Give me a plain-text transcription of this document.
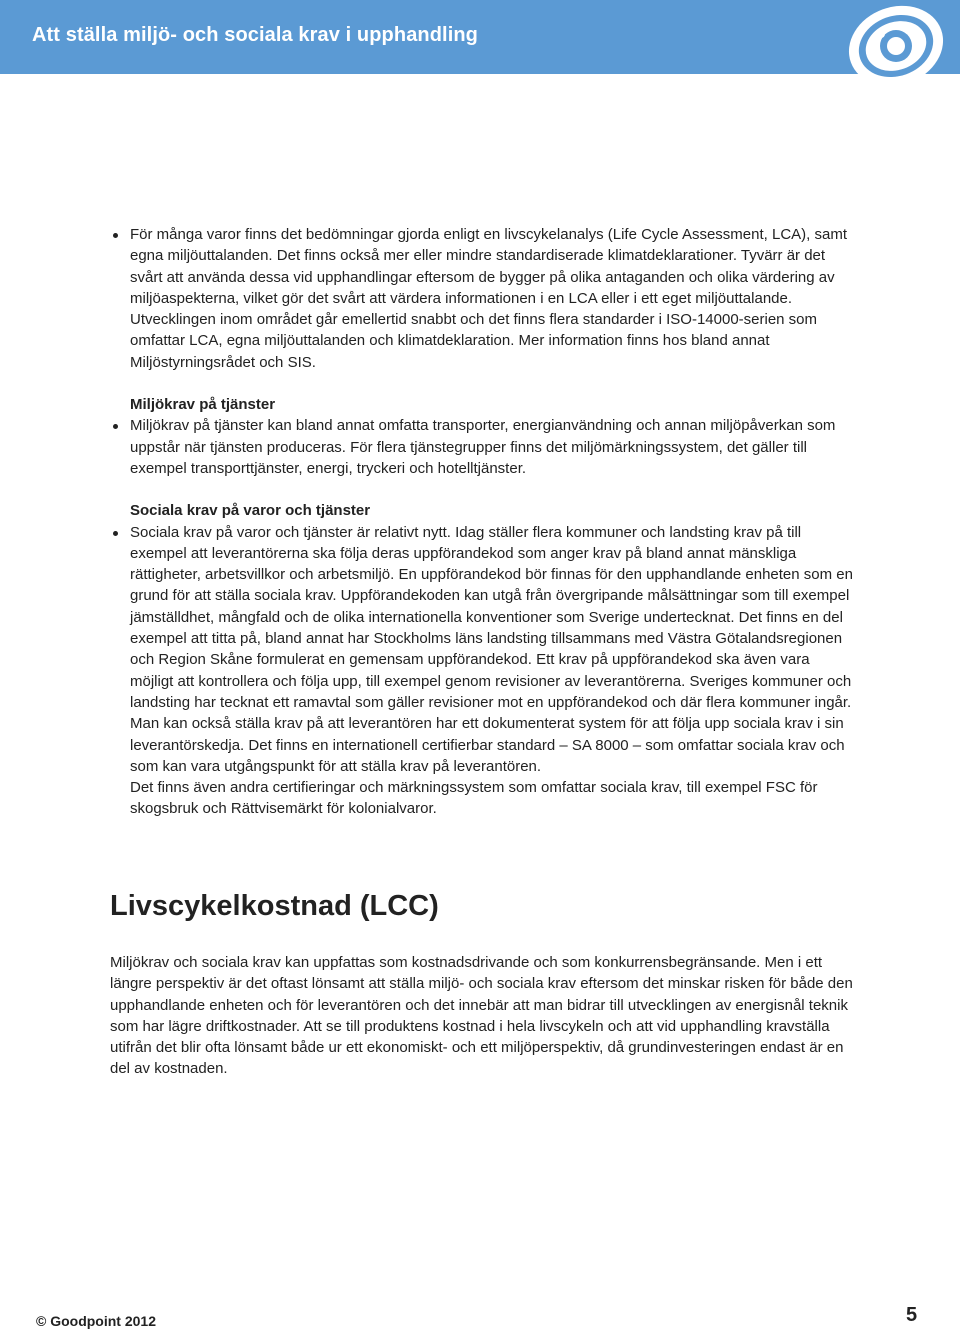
Att ställa miljö- och sociala krav i upphandling

För många varor finns det bedömningar gjorda enligt en livscykelanalys (Life Cycle Assessment, LCA), samt egna miljöuttalanden. Det finns också mer eller mindre standardiserade klimatdeklarationer. Tyvärr är det svårt att använda dessa vid upphandlingar eftersom de bygger på olika antaganden och olika värdering av miljöaspekterna, vilket gör det svårt att värdera informationen i en LCA eller i ett eget miljöuttalande. Utvecklingen inom området går emellertid snabbt och det finns flera standarder i ISO-14000-serien som omfattar LCA, egna miljöuttalanden och klimatdeklaration. Mer information finns hos bland annat Miljöstyrningsrådet och SIS.

Miljökrav på tjänster

Miljökrav på tjänster kan bland annat omfatta transporter, energianvändning och annan miljöpåverkan som uppstår när tjänsten produceras. För flera tjänstegrupper finns det miljömärkningssystem, det gäller till exempel transporttjänster, energi, tryckeri och hotelltjänster.

Sociala krav på varor och tjänster

Sociala krav på varor och tjänster är relativt nytt. Idag ställer flera kommuner och landsting krav på till exempel att leverantörerna ska följa deras uppförandekod som anger krav på bland annat mänskliga rättigheter, arbetsvillkor och arbetsmiljö. En uppförandekod bör finnas för den upphandlande enheten som en grund för att ställa sociala krav. Uppförandekoden kan utgå från övergripande målsättningar som till exempel jämställdhet, mångfald och de olika internationella konventioner som Sverige undertecknat. Det finns en del exempel att titta på, bland annat har Stockholms läns landsting tillsammans med Västra Götalandsregionen och Region Skåne formulerat en gemensam uppförandekod. Ett krav på uppförandekod ska även vara möjligt att kontrollera och följa upp, till exempel genom revisioner av leverantörerna. Sveriges kommuner och landsting har tecknat ett ramavtal som gäller revisioner mot en uppförandekod och där flera kommuner ingår. Man kan också ställa krav på att leverantören har ett dokumenterat system för att följa upp sociala krav i sin leverantörskedja. Det finns en internationell certifierbar standard – SA 8000 – som omfattar sociala krav och som kan vara utgångspunkt för att ställa krav på leverantören.

Det finns även andra certifieringar och märkningssystem som omfattar sociala krav, till exempel FSC för skogsbruk och Rättvisemärkt för kolonialvaror.

Livscykelkostnad (LCC)

Miljökrav och sociala krav kan uppfattas som kostnadsdrivande och som konkurrensbegränsande. Men i ett längre perspektiv är det oftast lönsamt att ställa miljö- och sociala krav eftersom det minskar risken för både den upphandlande enheten och för leverantören och det innebär att man bidrar till utvecklingen av energisnål teknik som har lägre driftkostnader. Att se till produktens kostnad i hela livscykeln och att vid upphandling kravställa utifrån det blir ofta lönsamt både ur ett ekonomiskt- och ett miljöperspektiv, då grundinvesteringen endast är en del av kostnaden.

© Goodpoint 2012	5
